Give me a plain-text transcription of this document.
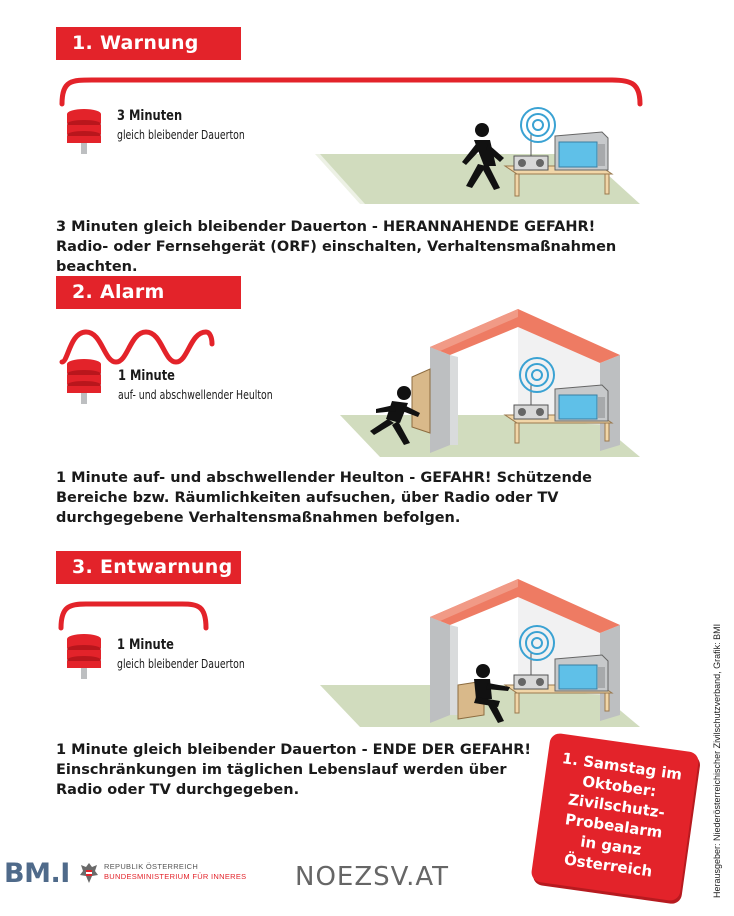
1. Warnung
3 Minuten
gleich bleibender Dauerton
3 Minuten gleich bleibender Dauerton - HERANNAHENDE GEFAHR! Radio- oder Fernsehgerät (ORF) einschalten, Verhaltensmaßnahmen beachten.
2. Alarm
1 Minute
auf- und abschwellender Heulton
1 Minute auf- und abschwellender Heulton - GEFAHR! Schützende Bereiche bzw. Räumlichkeiten aufsuchen, über Radio oder TV durchgegebene Verhaltensmaßnahmen befolgen.
3. Entwarnung
1 Minute
gleich bleibender Dauerton
1 Minute gleich bleibender Dauerton - ENDE DER GEFAHR! Einschränkungen im täglichen Lebenslauf werden über Radio oder TV durchgegeben.
1. Samstag im
Oktober:
Zivilschutz-Probealarm
in ganz
Österreich	Herausgeber: Niederösterreichischer Zivilschutzverband, Grafik: BMI
BM.I	REPUBLIK ÖSTERREICH
BUNDESMINISTERIUM FÜR INNERES NOEZSV.AT
